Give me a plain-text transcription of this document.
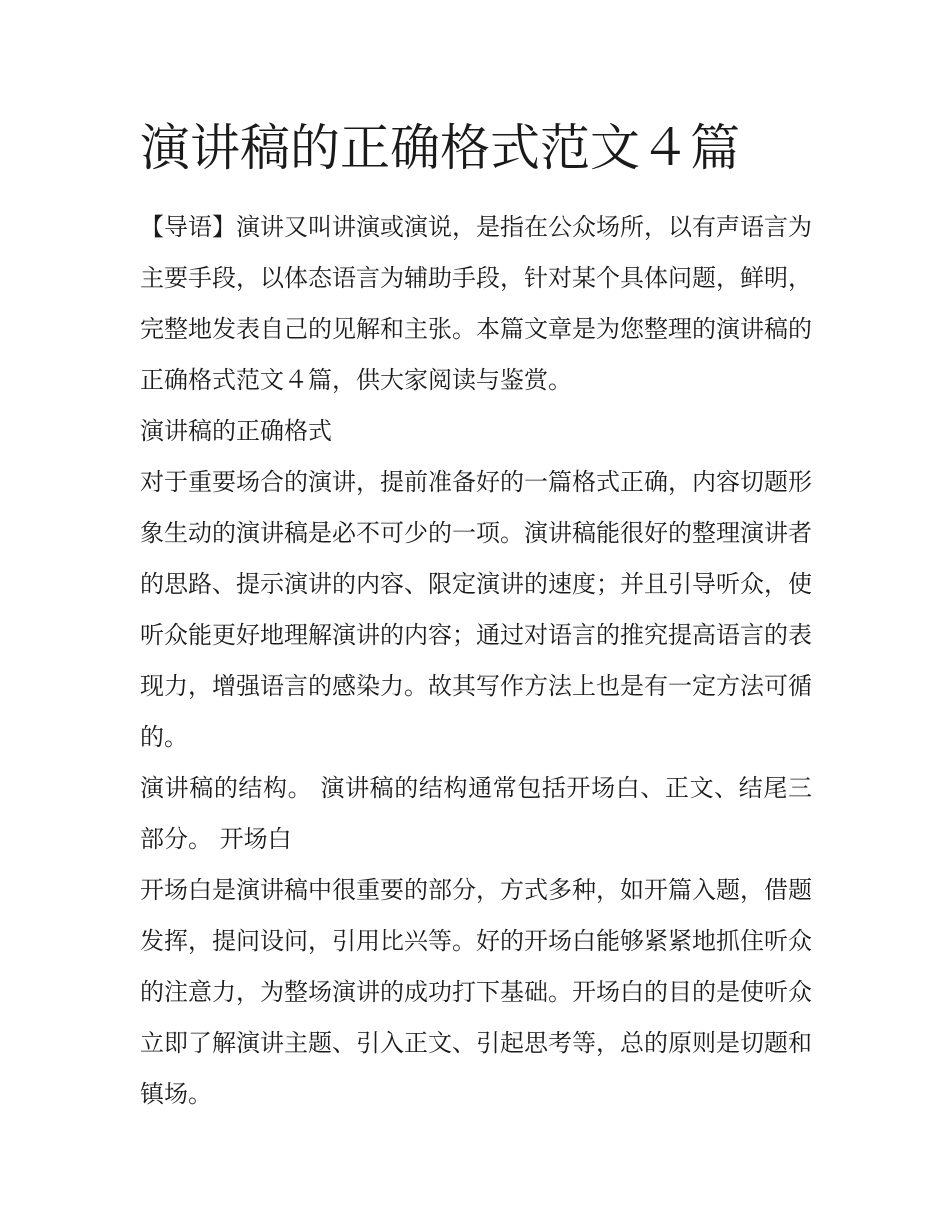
演讲稿的正确格式范文４篇

【导语】演讲又叫讲演或演说，是指在公众场所，以有声语言为主要手段，以体态语言为辅助手段，针对某个具体问题，鲜明，完整地发表自己的见解和主张。本篇文章是为您整理的演讲稿的正确格式范文４篇，供大家阅读与鉴赏。

演讲稿的正确格式

对于重要场合的演讲，提前准备好的一篇格式正确，内容切题形象生动的演讲稿是必不可少的一项。演讲稿能很好的整理演讲者的思路、提示演讲的内容、限定演讲的速度；并且引导听众，使听众能更好地理解演讲的内容；通过对语言的推究提高语言的表现力，增强语言的感染力。故其写作方法上也是有一定方法可循的。

演讲稿的结构。 演讲稿的结构通常包括开场白、正文、结尾三部分。 开场白

开场白是演讲稿中很重要的部分，方式多种，如开篇入题，借题发挥，提问设问，引用比兴等。好的开场白能够紧紧地抓住听众的注意力，为整场演讲的成功打下基础。开场白的目的是使听众立即了解演讲主题、引入正文、引起思考等，总的原则是切题和镇场。
